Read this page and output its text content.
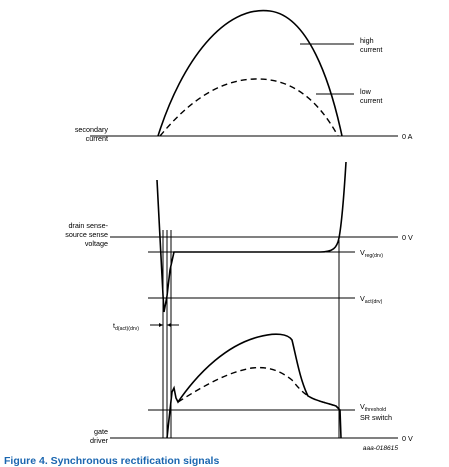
high
current
low
current
secondary
current	0 A
drain sense-
source sense
voltage
0 V
$V_{reg(drv)}$
$V_{act(drv)}$
$t_{d(act)(drv)}$
$V_{threshold}$
SR switch
gate
driver	0 V
aaa-018615
Figure 4. Synchronous rectification signals
